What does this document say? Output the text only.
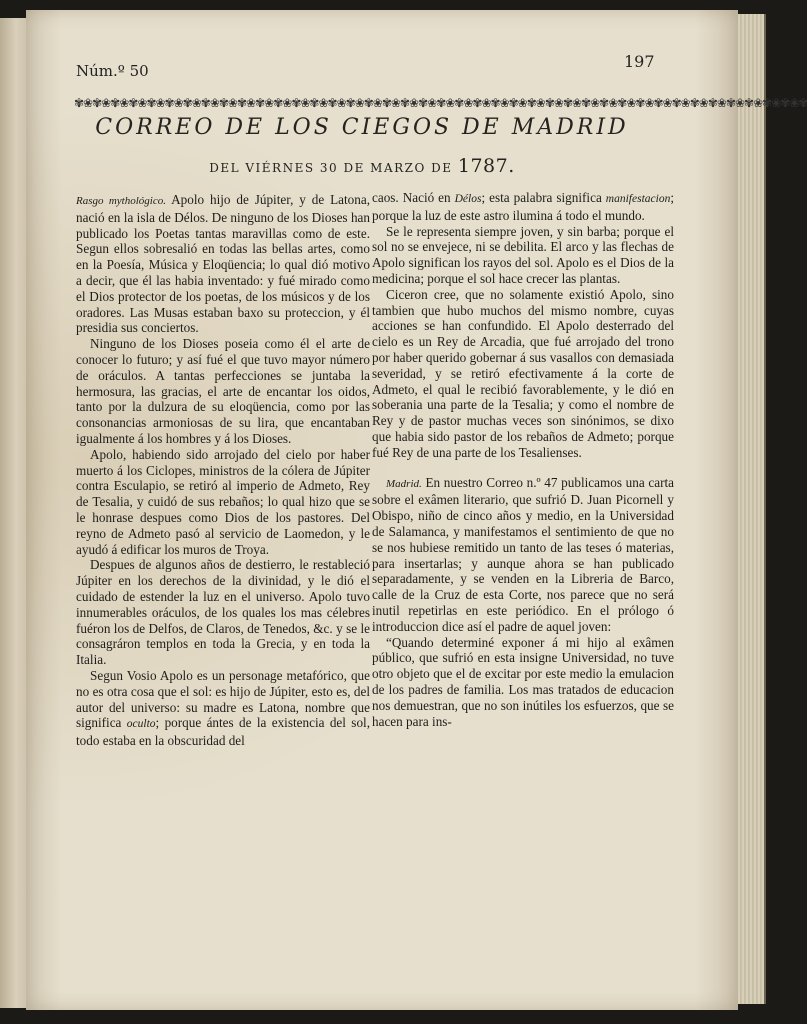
Núm.º 50	197
✾❀✾❀✾❀✾❀✾❀✾❀✾❀✾❀✾❀✾❀✾❀✾❀✾❀✾❀✾❀✾❀✾❀✾❀✾❀✾❀✾❀✾❀✾❀✾❀✾❀✾❀✾❀✾❀✾❀✾❀✾❀✾❀✾❀✾❀✾❀✾❀✾❀✾❀✾❀✾❀✾
CORREO DE LOS CIEGOS DE MADRID
DEL VIÉRNES 30 DE MARZO DE 1787.

Rasgo mythológico. Apolo hijo de Júpiter, y de Latona, nació en la isla de Délos. De ninguno de los Dioses han publicado los Poetas tantas maravillas como de este. Segun ellos sobresalió en todas las bellas artes, como en la Poesía, Música y Eloqüencia; lo qual dió motivo a decir, que él las habia inventado: y fué mirado como el Dios protector de los poetas, de los músicos y de los oradores. Las Musas estaban baxo su proteccion, y él presidia sus conciertos.

Ninguno de los Dioses poseia como él el arte de conocer lo futuro; y así fué el que tuvo mayor número de oráculos. A tantas perfecciones se juntaba la hermosura, las gracias, el arte de encantar los oidos, tanto por la dulzura de su eloqüencia, como por las consonancias armoniosas de su lira, que encantaban igualmente á los hombres y á los Dioses.

Apolo, habiendo sido arrojado del cielo por haber muerto á los Ciclopes, ministros de la cólera de Júpiter contra Esculapio, se retiró al imperio de Admeto, Rey de Tesalia, y cuidó de sus rebaños; lo qual hizo que se le honrase despues como Dios de los pastores. Del reyno de Admeto pasó al servicio de Laomedon, y le ayudó á edificar los muros de Troya.

Despues de algunos años de destierro, le restableció Júpiter en los derechos de la divinidad, y le dió el cuidado de estender la luz en el universo. Apolo tuvo innumerables oráculos, de los quales los mas célebres fuéron los de Delfos, de Claros, de Tenedos, &c. y se le consagráron templos en toda la Grecia, y en toda la Italia.

Segun Vosio Apolo es un personage metafórico, que no es otra cosa que el sol: es hijo de Júpiter, esto es, del autor del universo: su madre es Latona, nombre que significa oculto; porque ántes de la existencia del sol, todo estaba en la obscuridad del

caos. Nació en Délos; esta palabra significa manifestacion; porque la luz de este astro ilumina á todo el mundo.

Se le representa siempre joven, y sin barba; porque el sol no se envejece, ni se debilita. El arco y las flechas de Apolo significan los rayos del sol. Apolo es el Dios de la medicina; porque el sol hace crecer las plantas.

Ciceron cree, que no solamente existió Apolo, sino tambien que hubo muchos del mismo nombre, cuyas acciones se han confundido. El Apolo desterrado del cielo es un Rey de Arcadia, que fué arrojado del trono por haber querido gobernar á sus vasallos con demasiada severidad, y se retiró efectivamente á la corte de Admeto, el qual le recibió favorablemente, y le dió en soberania una parte de la Tesalia; y como el nombre de Rey y de pastor muchas veces son sinónimos, se dixo que habia sido pastor de los rebaños de Admeto; porque fué Rey de una parte de los Tesalienses.

Madrid. En nuestro Correo n.º 47 publicamos una carta sobre el exâmen literario, que sufrió D. Juan Picornell y Obispo, niño de cinco años y medio, en la Universidad de Salamanca, y manifestamos el sentimiento de que no se nos hubiese remitido un tanto de las teses ó materias, para insertarlas; y aunque ahora se han publicado separadamente, y se venden en la Libreria de Barco, calle de la Cruz de esta Corte, nos parece que no será inutil repetirlas en este periódico. En el prólogo ó introduccion dice así el padre de aquel joven:

“Quando determiné exponer á mi hijo al exâmen público, que sufrió en esta insigne Universidad, no tuve otro objeto que el de excitar por este medio la emulacion de los padres de familia. Los mas tratados de educacion nos demuestran, que no son inútiles los esfuerzos, que se hacen para ins-
